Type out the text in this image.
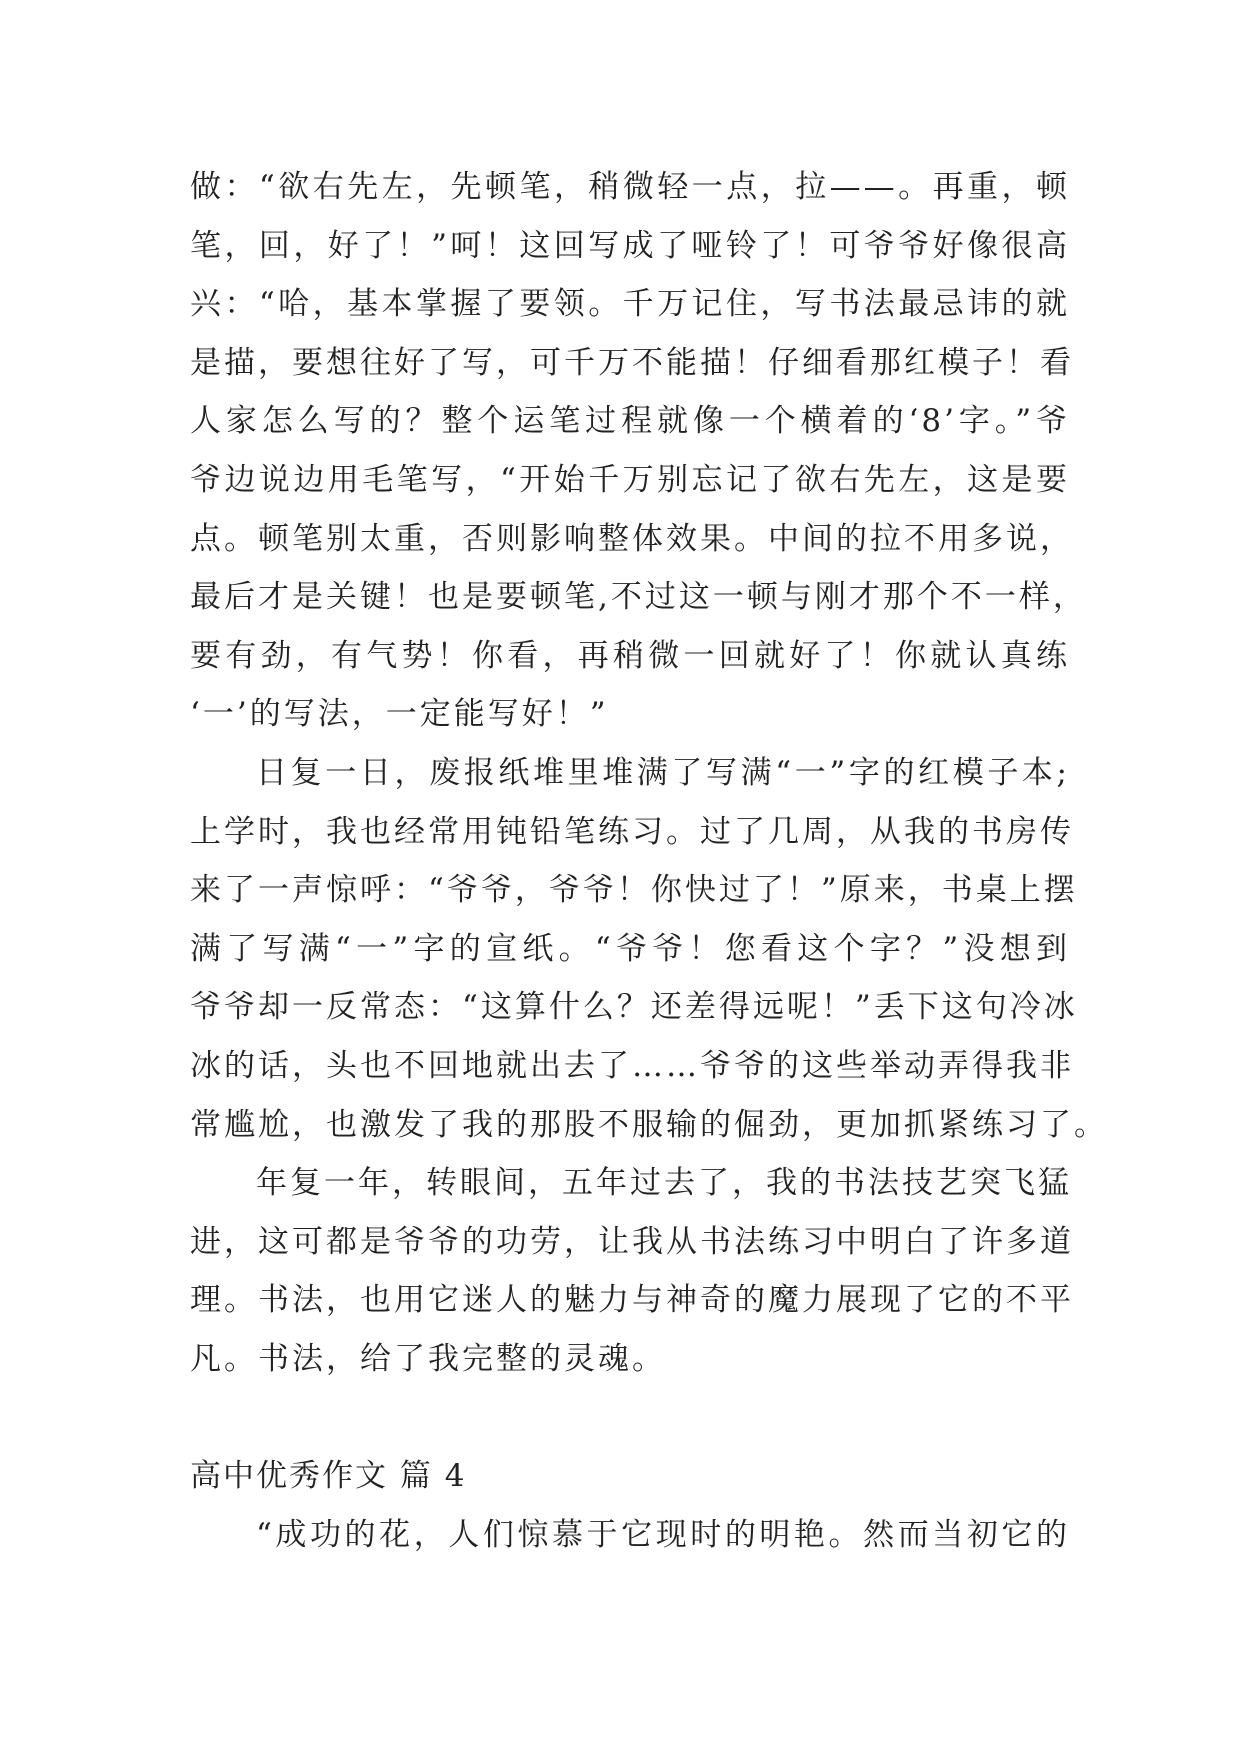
做：“欲右先左，先顿笔，稍微轻一点，拉——。再重，顿
笔，回，好了！”呵！这回写成了哑铃了！可爷爷好像很高
兴：“哈，基本掌握了要领。千万记住，写书法最忌讳的就
是描，要想往好了写，可千万不能描！仔细看那红模子！看
人家怎么写的？整个运笔过程就像一个横着的‘8’字。”爷
爷边说边用毛笔写，“开始千万别忘记了欲右先左，这是要
点。顿笔别太重，否则影响整体效果。中间的拉不用多说，
最后才是关键！也是要顿笔,不过这一顿与刚才那个不一样，
要有劲，有气势！你看，再稍微一回就好了！你就认真练
‘一’的写法，一定能写好！”
日复一日，废报纸堆里堆满了写满“一”字的红模子本;
上学时，我也经常用钝铅笔练习。过了几周，从我的书房传
来了一声惊呼：“爷爷，爷爷！你快过了！”原来，书桌上摆
满了写满“一”字的宣纸。“爷爷！您看这个字？”没想到
爷爷却一反常态：“这算什么？还差得远呢！”丢下这句冷冰
冰的话，头也不回地就出去了……爷爷的这些举动弄得我非
常尴尬，也激发了我的那股不服输的倔劲，更加抓紧练习了。
年复一年，转眼间，五年过去了，我的书法技艺突飞猛
进，这可都是爷爷的功劳，让我从书法练习中明白了许多道
理。书法，也用它迷人的魅力与神奇的魔力展现了它的不平
凡。书法，给了我完整的灵魂。
高中优秀作文 篇 4
“成功的花，人们惊慕于它现时的明艳。然而当初它的
